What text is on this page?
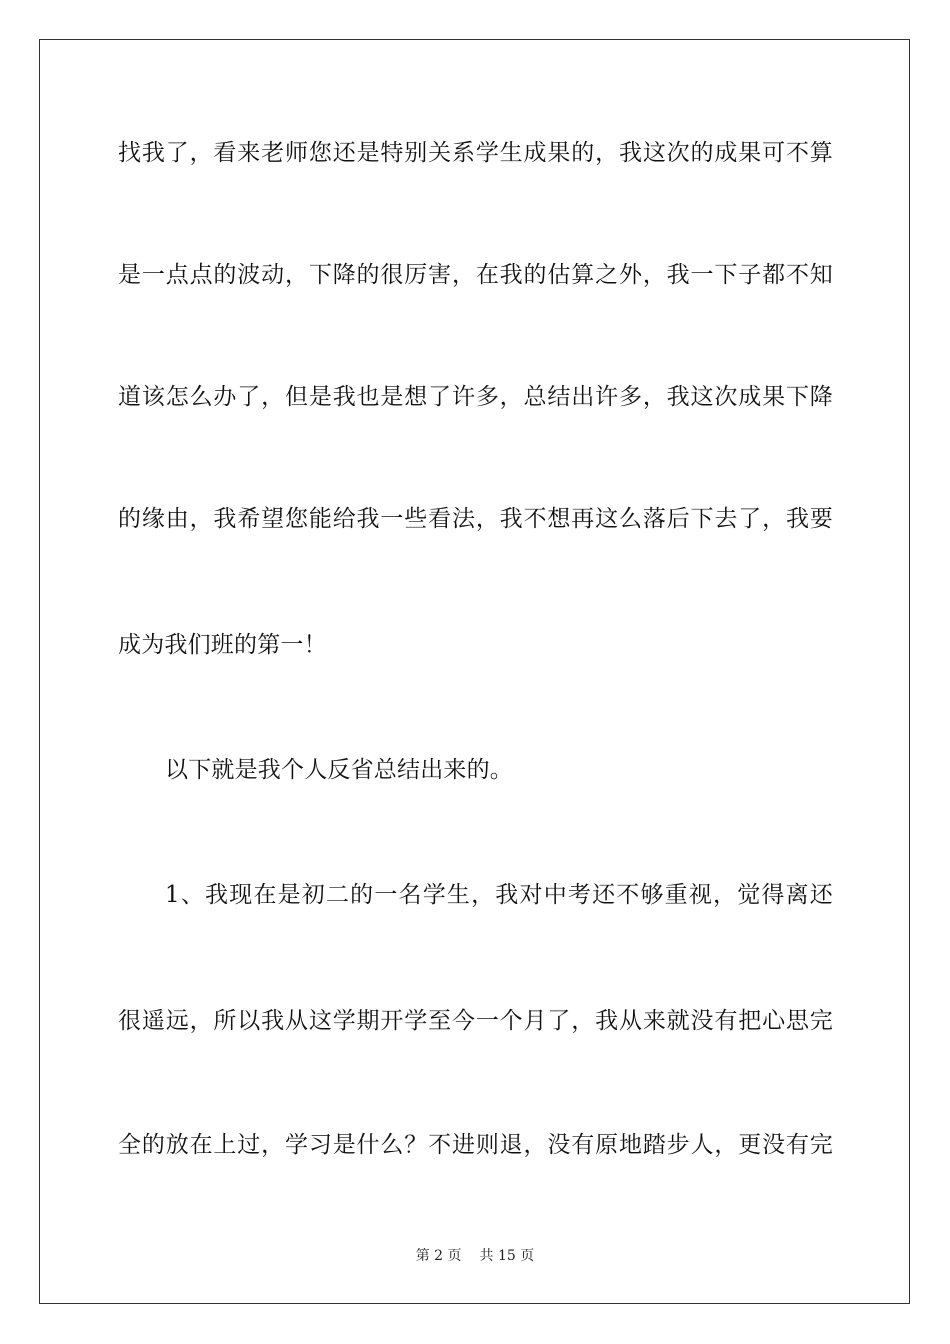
找我了，看来老师您还是特别关系学生成果的，我这次的成果可不算
是一点点的波动，下降的很厉害，在我的估算之外，我一下子都不知
道该怎么办了，但是我也是想了许多，总结出许多，我这次成果下降
的缘由，我希望您能给我一些看法，我不想再这么落后下去了，我要
成为我们班的第一！
以下就是我个人反省总结出来的。
1、我现在是初二的一名学生，我对中考还不够重视，觉得离还
很遥远，所以我从这学期开学至今一个月了，我从来就没有把心思完
全的放在上过，学习是什么？不进则退，没有原地踏步人，更没有完
第 2 页 共 15 页
